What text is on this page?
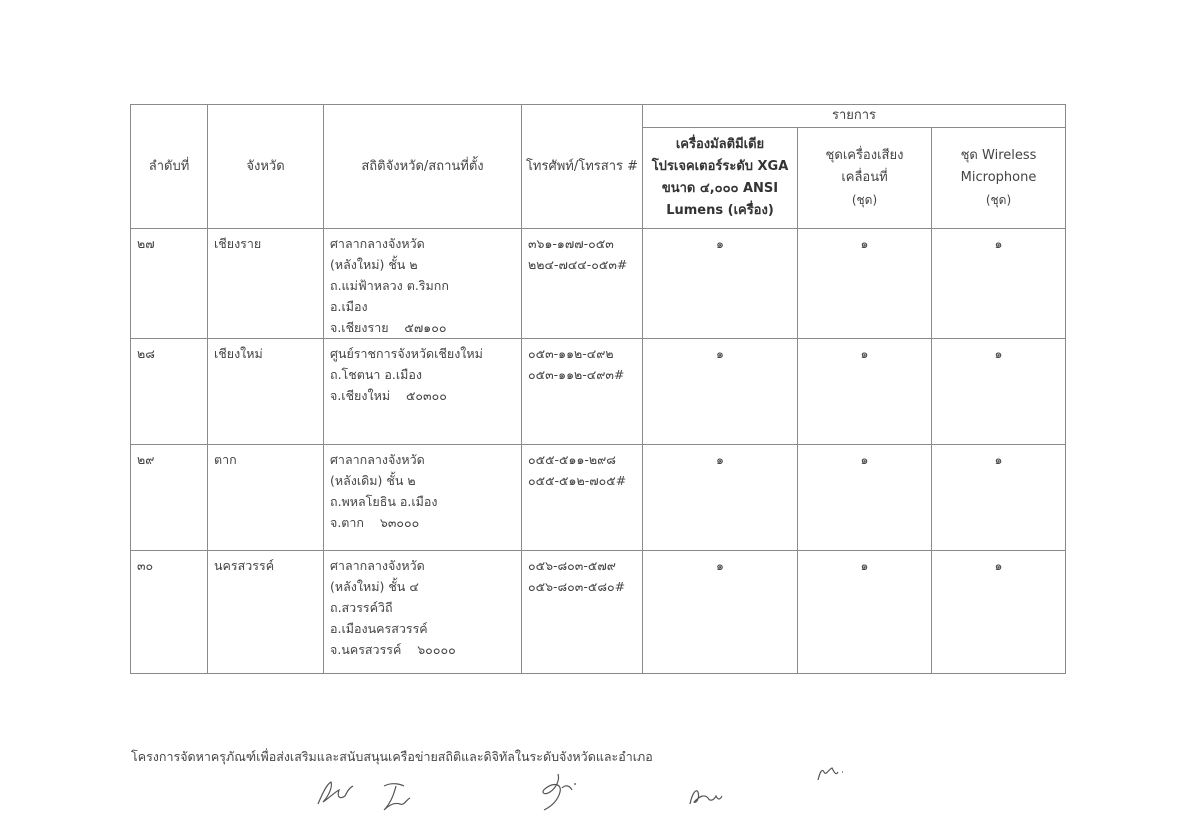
ลำดับที่	จังหวัด	สถิติจังหวัด/สถานที่ตั้ง	โทรศัพท์/โทรสาร #	รายการ		

				เครื่องมัลติมีเดีย
โปรเจคเตอร์ระดับ XGA
ขนาด ๔,๐๐๐ ANSI
Lumens (เครื่อง)	ชุดเครื่องเสียง
เคลื่อนที่
(ชุด)	ชุด Wireless
Microphone
(ชุด)

๒๗	เชียงราย	ศาลากลางจังหวัด
(หลังใหม่) ชั้น ๒
ถ.แม่ฟ้าหลวง ต.ริมกก
อ.เมือง
จ.เชียงราย    ๕๗๑๐๐	๓๖๑-๑๗๗-๐๕๓
๒๒๔-๗๔๔-๐๕๓#	๑	๑	๑
๒๘	เชียงใหม่	ศูนย์ราชการจังหวัดเชียงใหม่
ถ.โชตนา อ.เมือง
จ.เชียงใหม่    ๕๐๓๐๐	๐๕๓-๑๑๒-๔๙๒
๐๕๓-๑๑๒-๔๙๓#	๑	๑	๑
๒๙	ตาก	ศาลากลางจังหวัด
(หลังเดิม) ชั้น ๒
ถ.พหลโยธิน อ.เมือง
จ.ตาก    ๖๓๐๐๐	๐๕๕-๕๑๑-๒๙๘
๐๕๕-๕๑๒-๗๐๕#	๑	๑	๑
๓๐	นครสวรรค์	ศาลากลางจังหวัด
(หลังใหม่) ชั้น ๔
ถ.สวรรค์วิถี
อ.เมืองนครสวรรค์
จ.นครสวรรค์    ๖๐๐๐๐	๐๕๖-๘๐๓-๕๗๙
๐๕๖-๘๐๓-๕๘๐#	๑	๑	๑
โครงการจัดหาครุภัณฑ์เพื่อส่งเสริมและสนับสนุนเครือข่ายสถิติและดิจิทัลในระดับจังหวัดและอำเภอ
